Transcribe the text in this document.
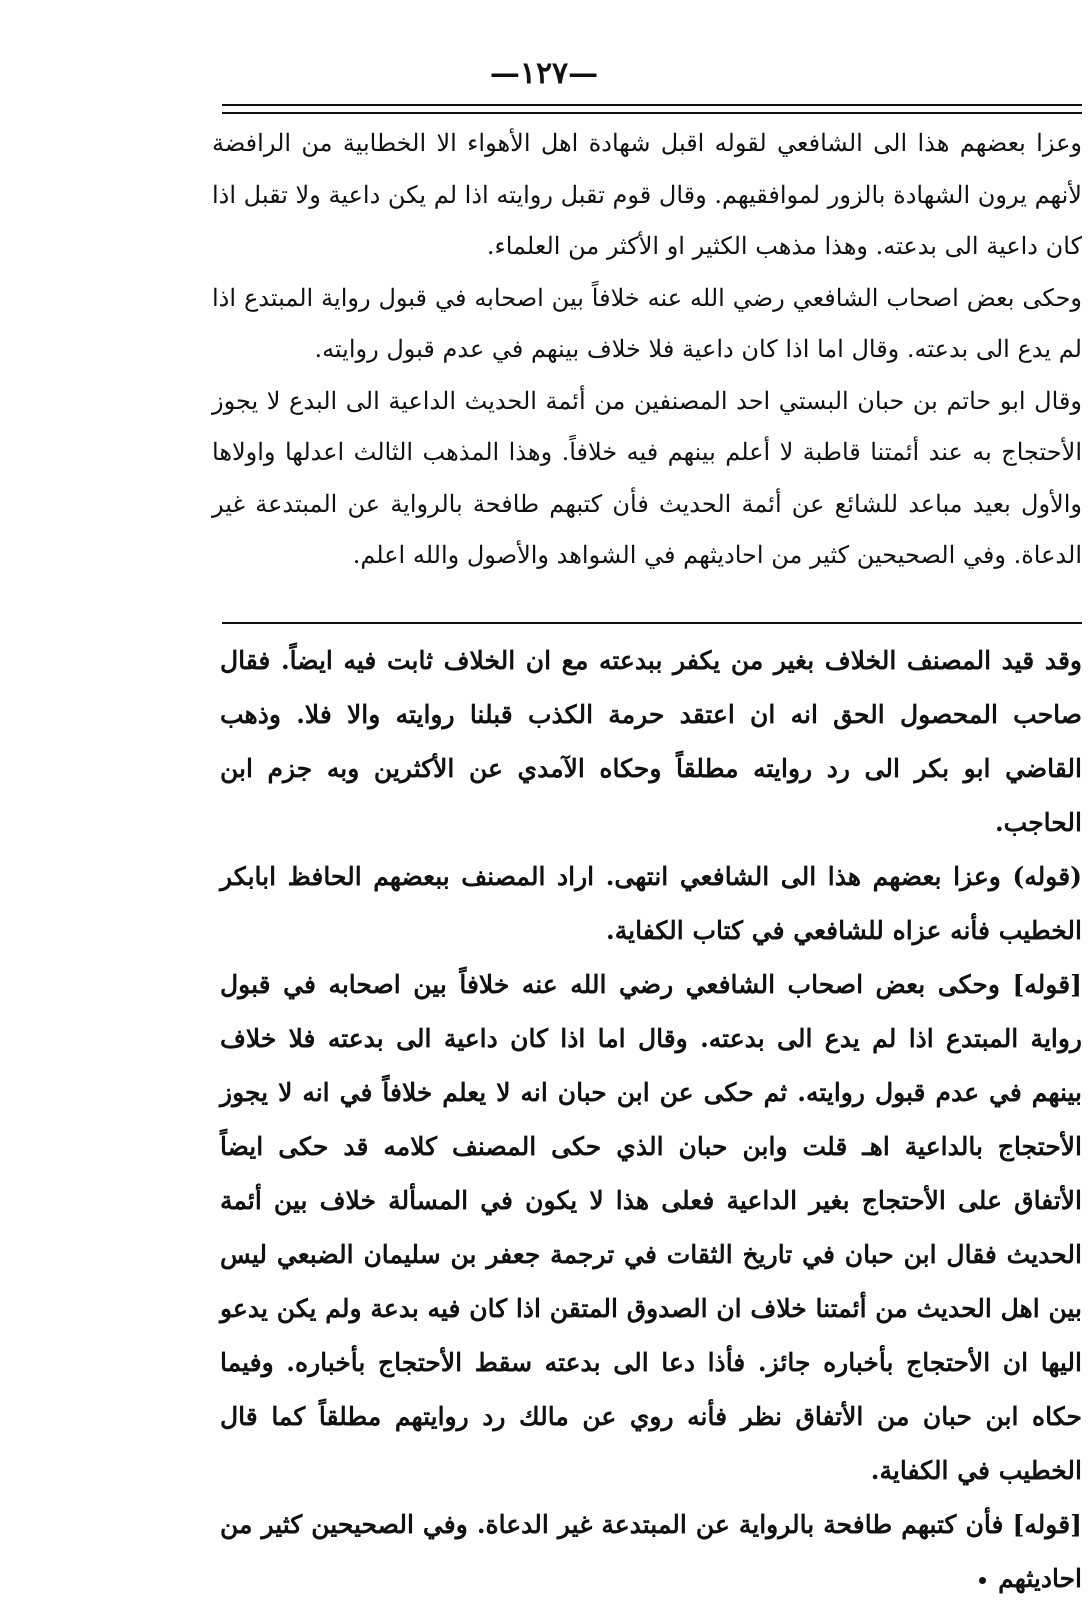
—١٢٧—

وعزا بعضهم هذا الى الشافعي لقوله اقبل شهادة اهل الأهواء الا الخطابية من الرافضة لأنهم يرون الشهادة بالزور لموافقيهم. وقال قوم تقبل روايته اذا لم يكن داعية ولا تقبل اذا كان داعية الى بدعته. وهذا مذهب الكثير او الأكثر من العلماء.

وحكى بعض اصحاب الشافعي رضي الله عنه خلافاً بين اصحابه في قبول رواية المبتدع اذا لم يدع الى بدعته. وقال اما اذا كان داعية فلا خلاف بينهم في عدم قبول روايته.

وقال ابو حاتم بن حبان البستي احد المصنفين من أئمة الحديث الداعية الى البدع لا يجوز الأحتجاج به عند أئمتنا قاطبة لا أعلم بينهم فيه خلافاً. وهذا المذهب الثالث اعدلها واولاها والأول بعيد مباعد للشائع عن أئمة الحديث فأن كتبهم طافحة بالرواية عن المبتدعة غير الدعاة. وفي الصحيحين كثير من احاديثهم في الشواهد والأصول والله اعلم.

وقد قيد المصنف الخلاف بغير من يكفر ببدعته مع ان الخلاف ثابت فيه ايضاً. فقال صاحب المحصول الحق انه ان اعتقد حرمة الكذب قبلنا روايته والا فلا. وذهب القاضي ابو بكر الى رد روايته مطلقاً وحكاه الآمدي عن الأكثرين وبه جزم ابن الحاجب.

(قوله) وعزا بعضهم هذا الى الشافعي انتهى. اراد المصنف ببعضهم الحافظ ابابكر الخطيب فأنه عزاه للشافعي في كتاب الكفاية.

[قوله] وحكى بعض اصحاب الشافعي رضي الله عنه خلافاً بين اصحابه في قبول رواية المبتدع اذا لم يدع الى بدعته. وقال اما اذا كان داعية الى بدعته فلا خلاف بينهم في عدم قبول روايته. ثم حكى عن ابن حبان انه لا يعلم خلافاً في انه لا يجوز الأحتجاج بالداعية اهـ قلت وابن حبان الذي حكى المصنف كلامه قد حكى ايضاً الأتفاق على الأحتجاج بغير الداعية فعلى هذا لا يكون في المسألة خلاف بين أئمة الحديث فقال ابن حبان في تاريخ الثقات في ترجمة جعفر بن سليمان الضبعي ليس بين اهل الحديث من أئمتنا خلاف ان الصدوق المتقن اذا كان فيه بدعة ولم يكن يدعو اليها ان الأحتجاج بأخباره جائز. فأذا دعا الى بدعته سقط الأحتجاج بأخباره. وفيما حكاه ابن حبان من الأتفاق نظر فأنه روي عن مالك رد روايتهم مطلقاً كما قال الخطيب في الكفاية.

[قوله] فأن كتبهم طافحة بالرواية عن المبتدعة غير الدعاة. وفي الصحيحين كثير من احاديثهم
